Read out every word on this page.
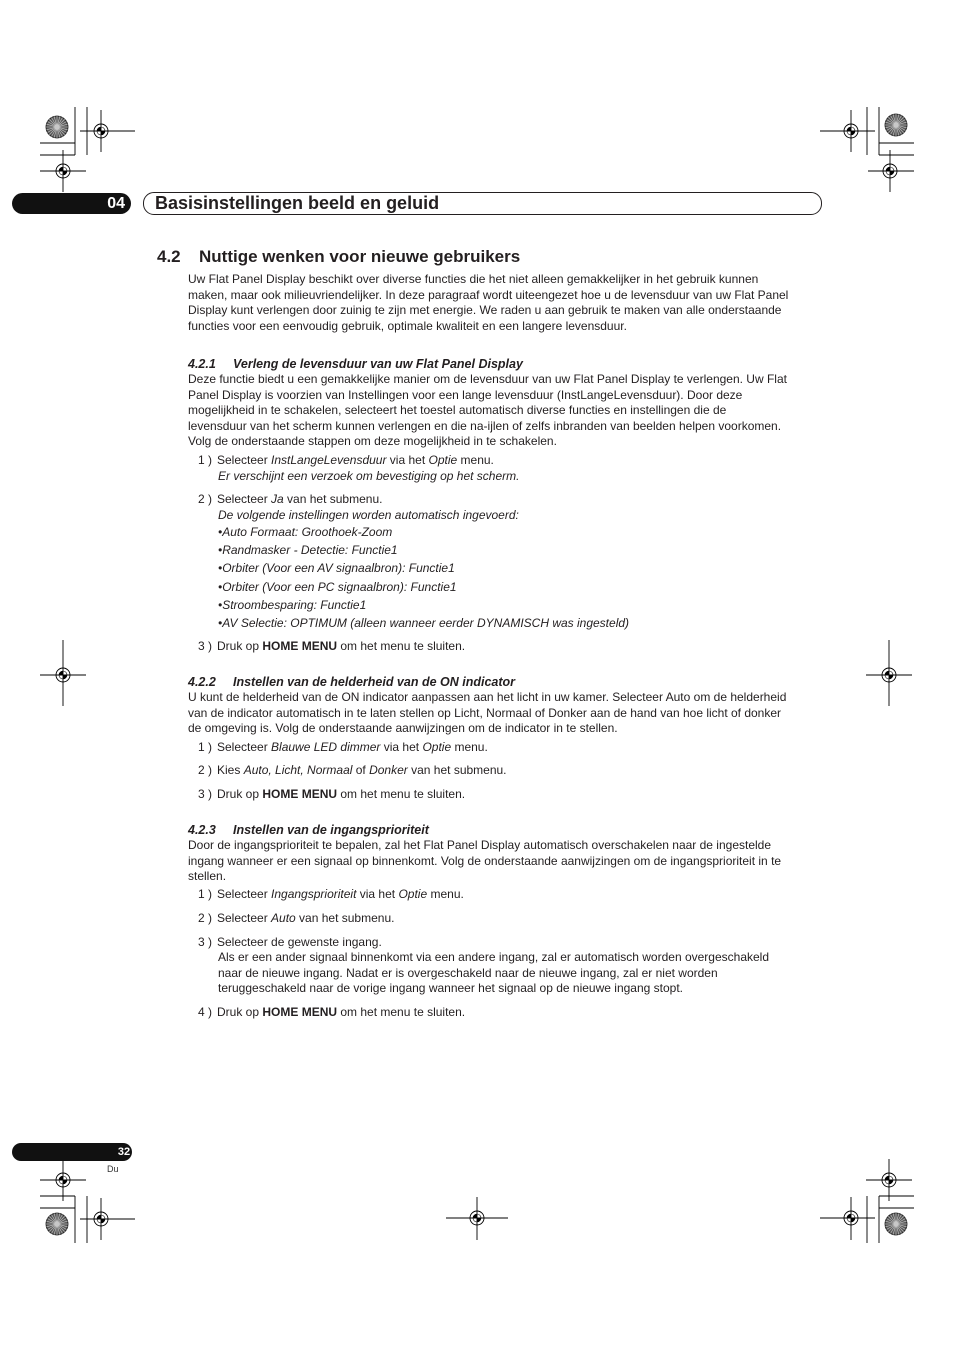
04 Basisinstellingen beeld en geluid
4.2 Nuttige wenken voor nieuwe gebruikers
Uw Flat Panel Display beschikt over diverse functies die het niet alleen gemakkelijker in het gebruik kunnen
maken, maar ook milieuvriendelijker. In deze paragraaf wordt uiteengezet hoe u de levensduur van uw Flat Panel
Display kunt verlengen door zuinig te zijn met energie. We raden u aan gebruik te maken van alle onderstaande
functies voor een eenvoudig gebruik, optimale kwaliteit en een langere levensduur.
4.2.1 Verleng de levensduur van uw Flat Panel Display
Deze functie biedt u een gemakkelijke manier om de levensduur van uw Flat Panel Display te verlengen. Uw Flat
Panel Display is voorzien van Instellingen voor een lange levensduur (InstLangeLevensduur). Door deze
mogelijkheid in te schakelen, selecteert het toestel automatisch diverse functies en instellingen die de
levensduur van het scherm kunnen verlengen en die na-ijlen of zelfs inbranden van beelden helpen voorkomen.
Volg de onderstaande stappen om deze mogelijkheid in te schakelen.
1 ) Selecteer InstLangeLevensduur via het Optie menu.
Er verschijnt een verzoek om bevestiging op het scherm.
2 ) Selecteer Ja van het submenu.
De volgende instellingen worden automatisch ingevoerd:
•Auto Formaat: Groothoek-Zoom
•Randmasker - Detectie: Functie1
•Orbiter (Voor een AV signaalbron): Functie1
•Orbiter (Voor een PC signaalbron): Functie1
•Stroombesparing: Functie1
•AV Selectie: OPTIMUM (alleen wanneer eerder DYNAMISCH was ingesteld)
3 ) Druk op HOME MENU om het menu te sluiten.
4.2.2 Instellen van de helderheid van de ON indicator
U kunt de helderheid van de ON indicator aanpassen aan het licht in uw kamer. Selecteer Auto om de helderheid
van de indicator automatisch in te laten stellen op Licht, Normaal of Donker aan de hand van hoe licht of donker
de omgeving is. Volg de onderstaande aanwijzingen om de indicator in te stellen.
1 ) Selecteer Blauwe LED dimmer via het Optie menu.
2 ) Kies Auto, Licht, Normaal of Donker van het submenu.
3 ) Druk op HOME MENU om het menu te sluiten.
4.2.3 Instellen van de ingangsprioriteit
Door de ingangsprioriteit te bepalen, zal het Flat Panel Display automatisch overschakelen naar de ingestelde
ingang wanneer er een signaal op binnenkomt. Volg de onderstaande aanwijzingen om de ingangsprioriteit in te
stellen.
1 ) Selecteer Ingangsprioriteit via het Optie menu.
2 ) Selecteer Auto van het submenu.
3 ) Selecteer de gewenste ingang.
Als er een ander signaal binnenkomt via een andere ingang, zal er automatisch worden overgeschakeld
naar de nieuwe ingang. Nadat er is overgeschakeld naar de nieuwe ingang, zal er niet worden
teruggeschakeld naar de vorige ingang wanneer het signaal op de nieuwe ingang stopt.
4 ) Druk op HOME MENU om het menu te sluiten.
32
Du
